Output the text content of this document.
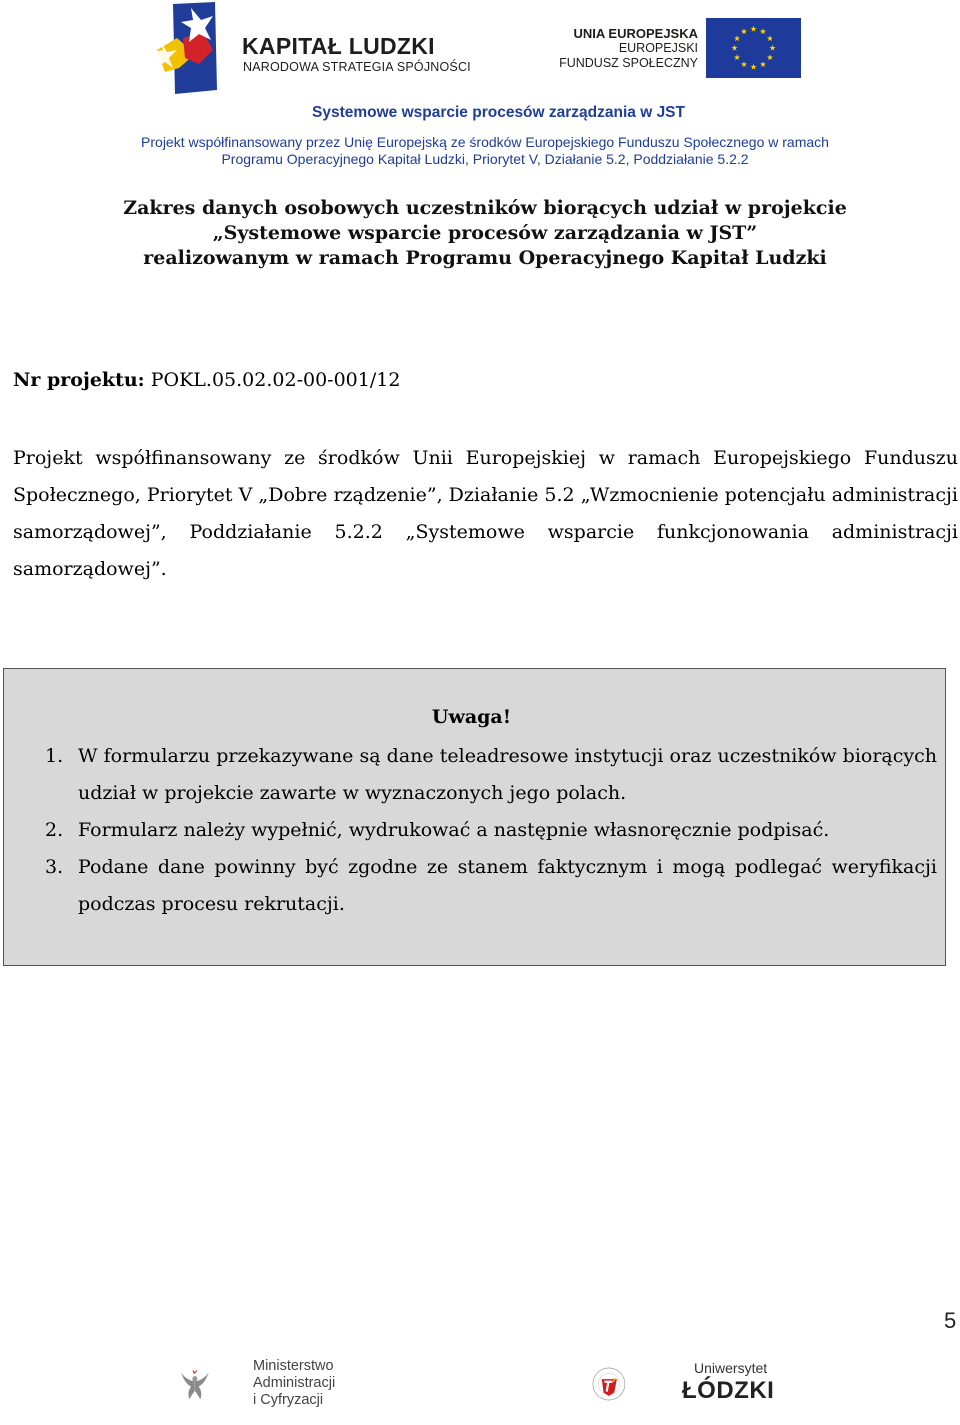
KAPITAŁ LUDZKI
NARODOWA STRATEGIA SPÓJNOŚCI
UNIA EUROPEJSKA
EUROPEJSKI
FUNDUSZ SPOŁECZNY
Systemowe wsparcie procesów zarządzania w JST
Projekt współfinansowany przez Unię Europejską ze środków Europejskiego Funduszu Społecznego w ramach
Programu Operacyjnego Kapitał Ludzki, Priorytet V, Działanie 5.2, Poddziałanie 5.2.2
Zakres danych osobowych uczestników biorących udział w projekcie
„Systemowe wsparcie procesów zarządzania w JST”
realizowanym w ramach Programu Operacyjnego Kapitał Ludzki
Nr projektu: POKL.05.02.02-00-001/12
Projekt współfinansowany ze środków Unii Europejskiej w ramach Europejskiego Funduszu Społecznego, Priorytet V „Dobre rządzenie”, Działanie 5.2 „Wzmocnienie potencjału administracji samorządowej”, Poddziałanie 5.2.2 „Systemowe wsparcie funkcjonowania administracji samorządowej”.
Uwaga!
1. W formularzu przekazywane są dane teleadresowe instytucji oraz uczestników biorących udział w projekcie zawarte w wyznaczonych jego polach.
2. Formularz należy wypełnić, wydrukować a następnie własnoręcznie podpisać.
3. Podane dane powinny być zgodne ze stanem faktycznym i mogą podlegać weryfikacji podczas procesu rekrutacji.
5
Ministerstwo
Administracji
i Cyfryzacji
Uniwersytet
ŁÓDZKI
